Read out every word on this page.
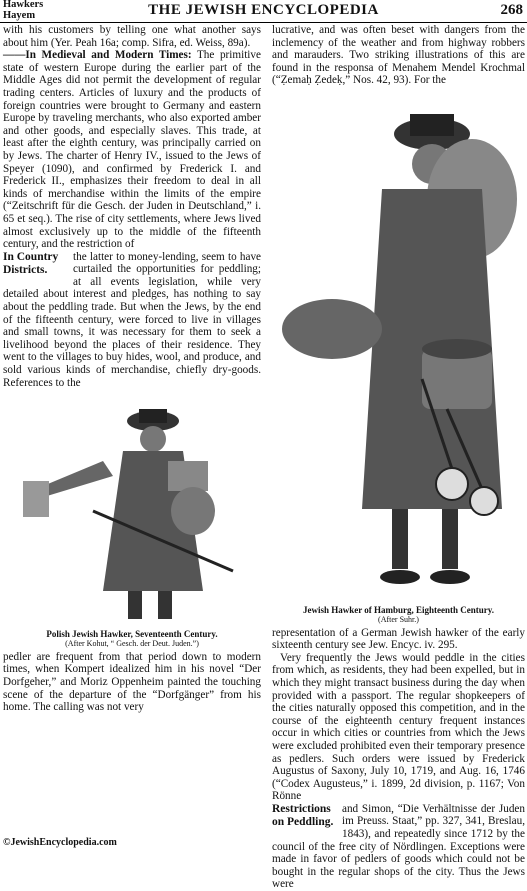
Hawkers
Hayem	THE JEWISH ENCYCLOPEDIA	268

with his customers by telling one what another says about him (Yer. Peah 16a; comp. Sifra, ed. Weiss, 89a).

——In Medieval and Modern Times: The primitive state of western Europe during the earlier part of the Middle Ages did not permit the development of regular trading centers. Articles of luxury and the products of foreign countries were brought to Germany and eastern Europe by traveling merchants, who also exported amber and other goods, and especially slaves. This trade, at least after the eighth century, was principally carried on by Jews. The charter of Henry IV., issued to the Jews of Speyer (1090), and confirmed by Frederick I. and Frederick II., emphasizes their freedom to deal in all kinds of merchandise within the limits of the empire (“Zeitschrift für die Gesch. der Juden in Deutschland,” i. 65 et seq.). The rise of city settlements, where Jews lived almost exclusively up to the middle of the fifteenth century, and the restriction of

In Country Districts.
the latter to money-lending, seem to have curtailed the opportunities for peddling; at all events legislation, while very detailed about interest and pledges, has nothing to say about the peddling trade. But when the Jews, by the end of the fifteenth century, were forced to live in villages and small towns, it was necessary for them to seek a livelihood beyond the places of their residence. They went to the villages to buy hides, wool, and produce, and sold various kinds of merchandise, chiefly dry-goods. References to the

Polish Jewish Hawker, Seventeenth Century.
(After Kohut, “ Gesch. der Deut. Juden.”)

pedler are frequent from that period down to modern times, when Kompert idealized him in his novel “Der Dorfgeher,” and Moriz Oppenheim painted the touching scene of the departure of the “Dorfgänger” from his home. The calling was not very

lucrative, and was often beset with dangers from the inclemency of the weather and from highway robbers and marauders. Two striking illustrations of this are found in the responsa of Menahem Mendel Krochmal (“Ẓemaḥ Ẓedeḳ,” Nos. 42, 93). For the

Jewish Hawker of Hamburg, Eighteenth Century.
(After Suhr.)

representation of a German Jewish hawker of the early sixteenth century see Jew. Encyc. iv. 295.

Very frequently the Jews would peddle in the cities from which, as residents, they had been expelled, but in which they might transact business during the day when provided with a passport. The regular shopkeepers of the cities naturally opposed this competition, and in the course of the eighteenth century frequent instances occur in which cities or countries from which the Jews were excluded prohibited even their temporary presence as pedlers. Such orders were issued by Frederick Augustus of Saxony, July 10, 1719, and Aug. 16, 1746 (“Codex Augusteus,” i. 1899, 2d division, p. 1167; Von Rönne

Restrictions on Peddling.
and Simon, “Die Verhältnisse der Juden im Preuss. Staat,” pp. 327, 341, Breslau, 1843), and repeatedly since 1712 by the council of the free city of Nördlingen. Exceptions were made in favor of pedlers of goods which could not be bought in the regular shops of the city. Thus the Jews were

©JewishEncyclopedia.com
